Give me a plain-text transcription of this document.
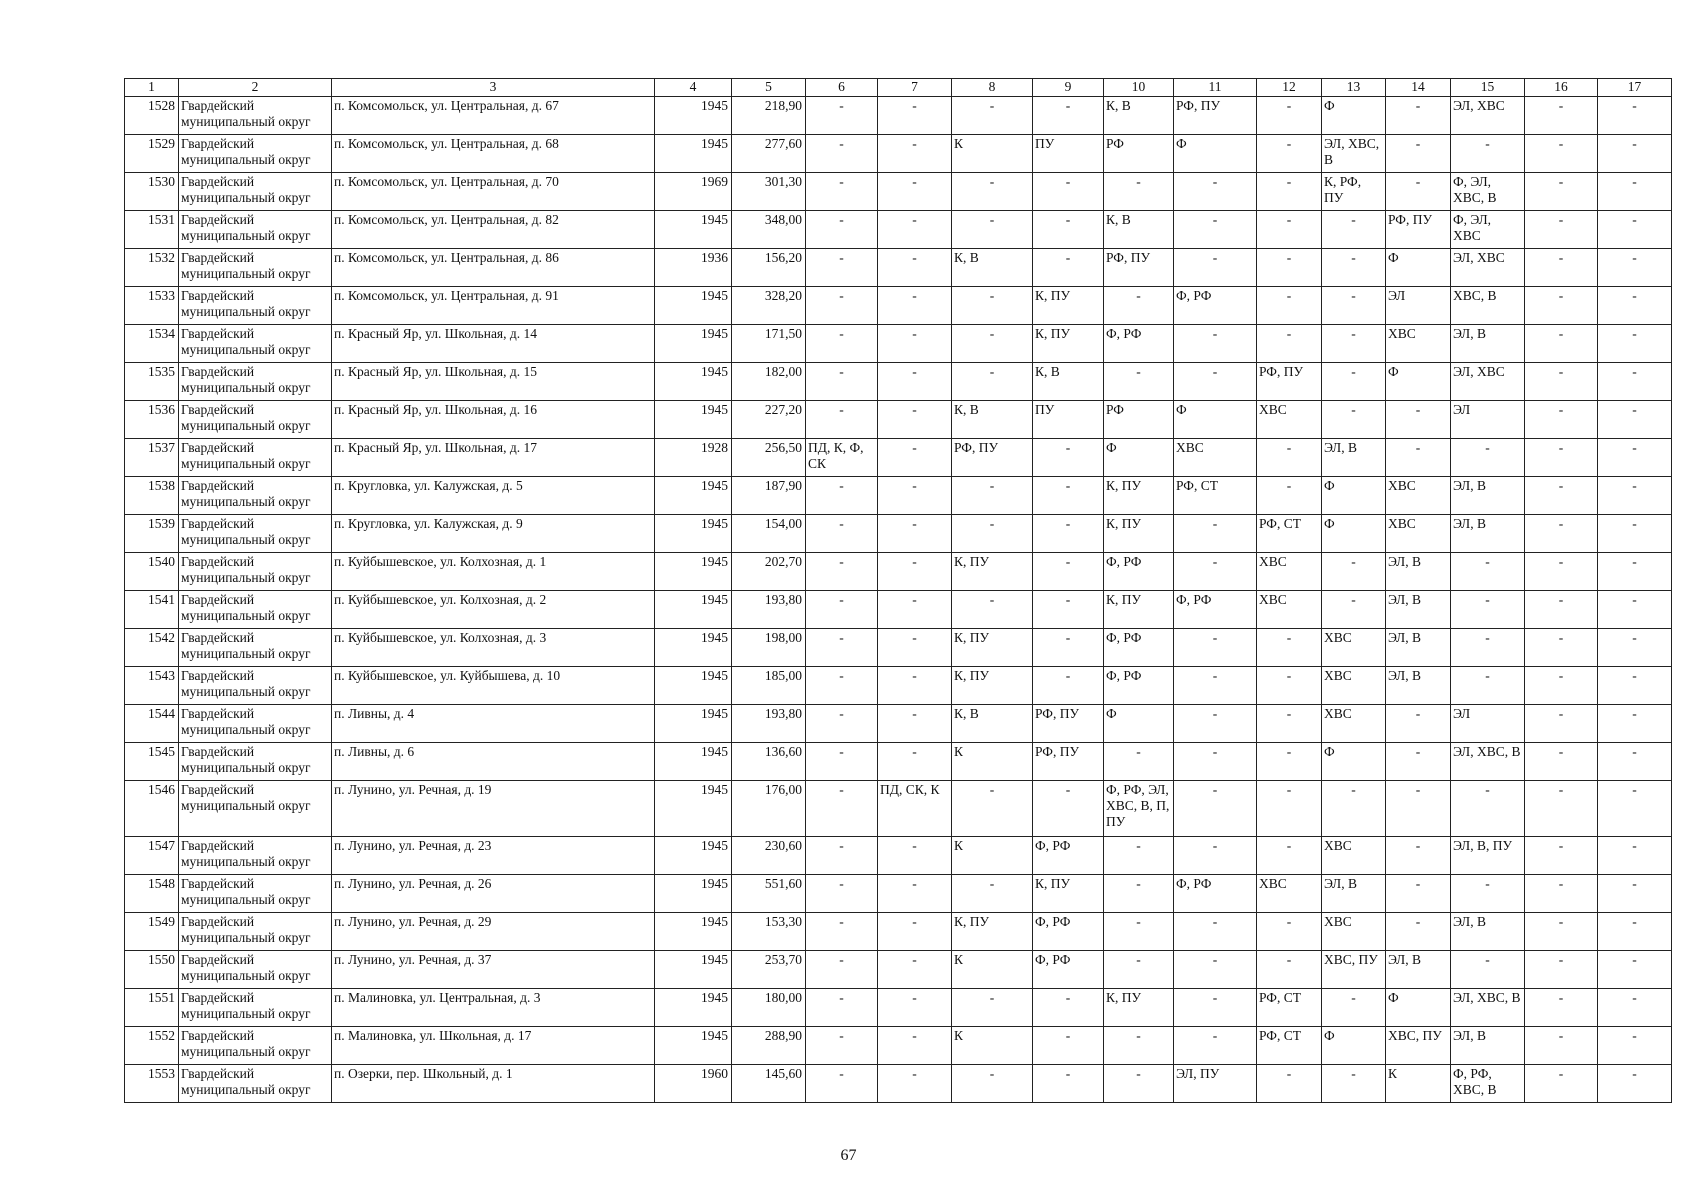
1	2	3	4	5	6	7	8	9	10	11	12	13	14	15	16	17
1528	Гвардейский муниципальный округ	п. Комсомольск, ул. Центральная, д. 67	1945	218,90	-	-	-	-	К, В	РФ, ПУ	-	Ф	-	ЭЛ, ХВС	-	-
1529	Гвардейский муниципальный округ	п. Комсомольск, ул. Центральная, д. 68	1945	277,60	-	-	К	ПУ	РФ	Ф	-	ЭЛ, ХВС, В	-	-	-	-
1530	Гвардейский муниципальный округ	п. Комсомольск, ул. Центральная, д. 70	1969	301,30	-	-	-	-	-	-	-	К, РФ, ПУ	-	Ф, ЭЛ, ХВС, В	-	-
1531	Гвардейский муниципальный округ	п. Комсомольск, ул. Центральная, д. 82	1945	348,00	-	-	-	-	К, В	-	-	-	РФ, ПУ	Ф, ЭЛ, ХВС	-	-
1532	Гвардейский муниципальный округ	п. Комсомольск, ул. Центральная, д. 86	1936	156,20	-	-	К, В	-	РФ, ПУ	-	-	-	Ф	ЭЛ, ХВС	-	-
1533	Гвардейский муниципальный округ	п. Комсомольск, ул. Центральная, д. 91	1945	328,20	-	-	-	К, ПУ	-	Ф, РФ	-	-	ЭЛ	ХВС, В	-	-
1534	Гвардейский муниципальный округ	п. Красный Яр, ул. Школьная, д. 14	1945	171,50	-	-	-	К, ПУ	Ф, РФ	-	-	-	ХВС	ЭЛ, В	-	-
1535	Гвардейский муниципальный округ	п. Красный Яр, ул. Школьная, д. 15	1945	182,00	-	-	-	К, В	-	-	РФ, ПУ	-	Ф	ЭЛ, ХВС	-	-
1536	Гвардейский муниципальный округ	п. Красный Яр, ул. Школьная, д. 16	1945	227,20	-	-	К, В	ПУ	РФ	Ф	ХВС	-	-	ЭЛ	-	-
1537	Гвардейский муниципальный округ	п. Красный Яр, ул. Школьная, д. 17	1928	256,50	ПД, К, Ф, СК	-	РФ, ПУ	-	Ф	ХВС	-	ЭЛ, В	-	-	-	-
1538	Гвардейский муниципальный округ	п. Кругловка, ул. Калужская, д. 5	1945	187,90	-	-	-	-	К, ПУ	РФ, СТ	-	Ф	ХВС	ЭЛ, В	-	-
1539	Гвардейский муниципальный округ	п. Кругловка, ул. Калужская, д. 9	1945	154,00	-	-	-	-	К, ПУ	-	РФ, СТ	Ф	ХВС	ЭЛ, В	-	-
1540	Гвардейский муниципальный округ	п. Куйбышевское, ул. Колхозная, д. 1	1945	202,70	-	-	К, ПУ	-	Ф, РФ	-	ХВС	-	ЭЛ, В	-	-	-
1541	Гвардейский муниципальный округ	п. Куйбышевское, ул. Колхозная, д. 2	1945	193,80	-	-	-	-	К, ПУ	Ф, РФ	ХВС	-	ЭЛ, В	-	-	-
1542	Гвардейский муниципальный округ	п. Куйбышевское, ул. Колхозная, д. 3	1945	198,00	-	-	К, ПУ	-	Ф, РФ	-	-	ХВС	ЭЛ, В	-	-	-
1543	Гвардейский муниципальный округ	п. Куйбышевское, ул. Куйбышева, д. 10	1945	185,00	-	-	К, ПУ	-	Ф, РФ	-	-	ХВС	ЭЛ, В	-	-	-
1544	Гвардейский муниципальный округ	п. Ливны, д. 4	1945	193,80	-	-	К, В	РФ, ПУ	Ф	-	-	ХВС	-	ЭЛ	-	-
1545	Гвардейский муниципальный округ	п. Ливны, д. 6	1945	136,60	-	-	К	РФ, ПУ	-	-	-	Ф	-	ЭЛ, ХВС, В	-	-
1546	Гвардейский муниципальный округ	п. Лунино, ул. Речная, д. 19	1945	176,00	-	ПД, СК, К	-	-	Ф, РФ, ЭЛ, ХВС, В, П, ПУ	-	-	-	-	-	-	-
1547	Гвардейский муниципальный округ	п. Лунино, ул. Речная, д. 23	1945	230,60	-	-	К	Ф, РФ	-	-	-	ХВС	-	ЭЛ, В, ПУ	-	-
1548	Гвардейский муниципальный округ	п. Лунино, ул. Речная, д. 26	1945	551,60	-	-	-	К, ПУ	-	Ф, РФ	ХВС	ЭЛ, В	-	-	-	-
1549	Гвардейский муниципальный округ	п. Лунино, ул. Речная, д. 29	1945	153,30	-	-	К, ПУ	Ф, РФ	-	-	-	ХВС	-	ЭЛ, В	-	-
1550	Гвардейский муниципальный округ	п. Лунино, ул. Речная, д. 37	1945	253,70	-	-	К	Ф, РФ	-	-	-	ХВС, ПУ	ЭЛ, В	-	-	-
1551	Гвардейский муниципальный округ	п. Малиновка, ул. Центральная, д. 3	1945	180,00	-	-	-	-	К, ПУ	-	РФ, СТ	-	Ф	ЭЛ, ХВС, В	-	-
1552	Гвардейский муниципальный округ	п. Малиновка, ул. Школьная, д. 17	1945	288,90	-	-	К	-	-	-	РФ, СТ	Ф	ХВС, ПУ	ЭЛ, В	-	-
1553	Гвардейский муниципальный округ	п. Озерки, пер. Школьный, д. 1	1960	145,60	-	-	-	-	-	ЭЛ, ПУ	-	-	К	Ф, РФ, ХВС, В	-	-
67
